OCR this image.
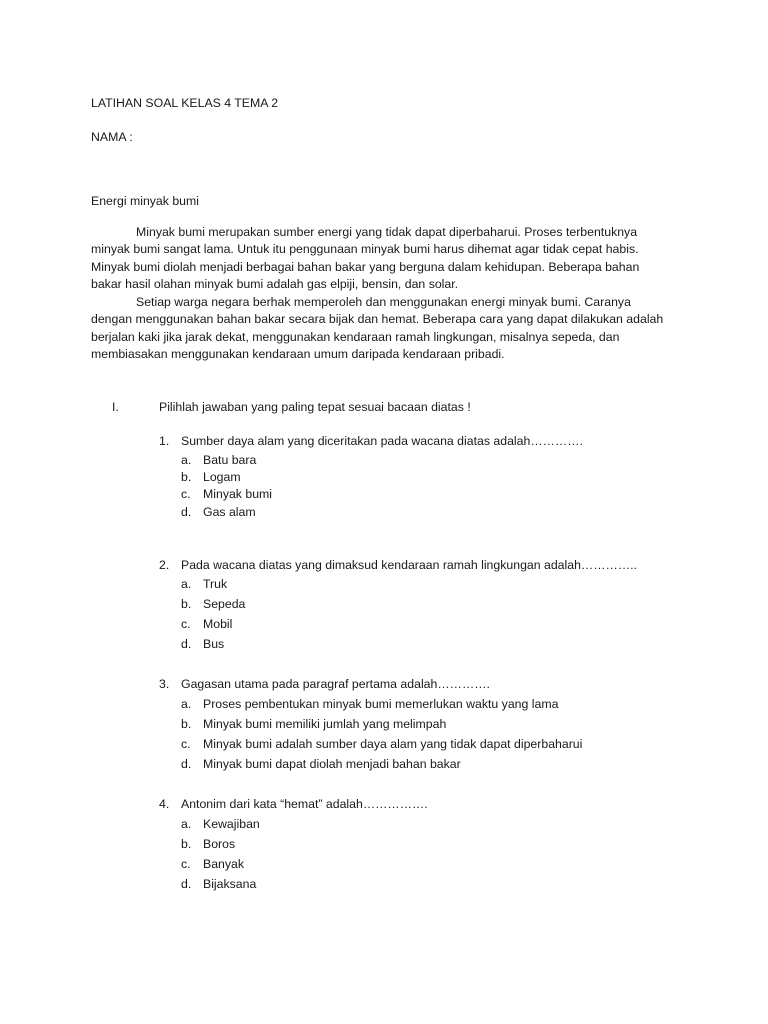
LATIHAN SOAL KELAS 4 TEMA 2
NAMA :
Energi minyak bumi
Minyak bumi merupakan sumber energi yang tidak dapat diperbaharui. Proses terbentuknya
minyak bumi sangat lama. Untuk itu penggunaan minyak bumi harus dihemat agar tidak cepat habis.
Minyak bumi diolah menjadi berbagai bahan bakar yang berguna dalam kehidupan. Beberapa bahan
bakar hasil olahan minyak bumi adalah gas elpiji, bensin, dan solar.
Setiap warga negara berhak memperoleh dan menggunakan energi minyak bumi. Caranya
dengan menggunakan bahan bakar secara bijak dan hemat. Beberapa cara yang dapat dilakukan adalah
berjalan kaki jika jarak dekat, menggunakan kendaraan ramah lingkungan, misalnya sepeda, dan
membiasakan menggunakan kendaraan umum daripada kendaraan pribadi.
I.	Pilihlah jawaban yang paling tepat sesuai bacaan diatas !
1. Sumber daya alam yang diceritakan pada wacana diatas adalah………….
a. Batu bara
b. Logam
c. Minyak bumi
d. Gas alam
2. Pada wacana diatas yang dimaksud kendaraan ramah lingkungan adalah…………..
a. Truk
b. Sepeda
c. Mobil
d. Bus
3. Gagasan utama pada paragraf pertama adalah………….
a. Proses pembentukan minyak bumi memerlukan waktu yang lama
b. Minyak bumi memiliki jumlah yang melimpah
c. Minyak bumi adalah sumber daya alam yang tidak dapat diperbaharui
d. Minyak bumi dapat diolah menjadi bahan bakar
4. Antonim dari kata “hemat” adalah…………….
a. Kewajiban
b. Boros
c. Banyak
d. Bijaksana
